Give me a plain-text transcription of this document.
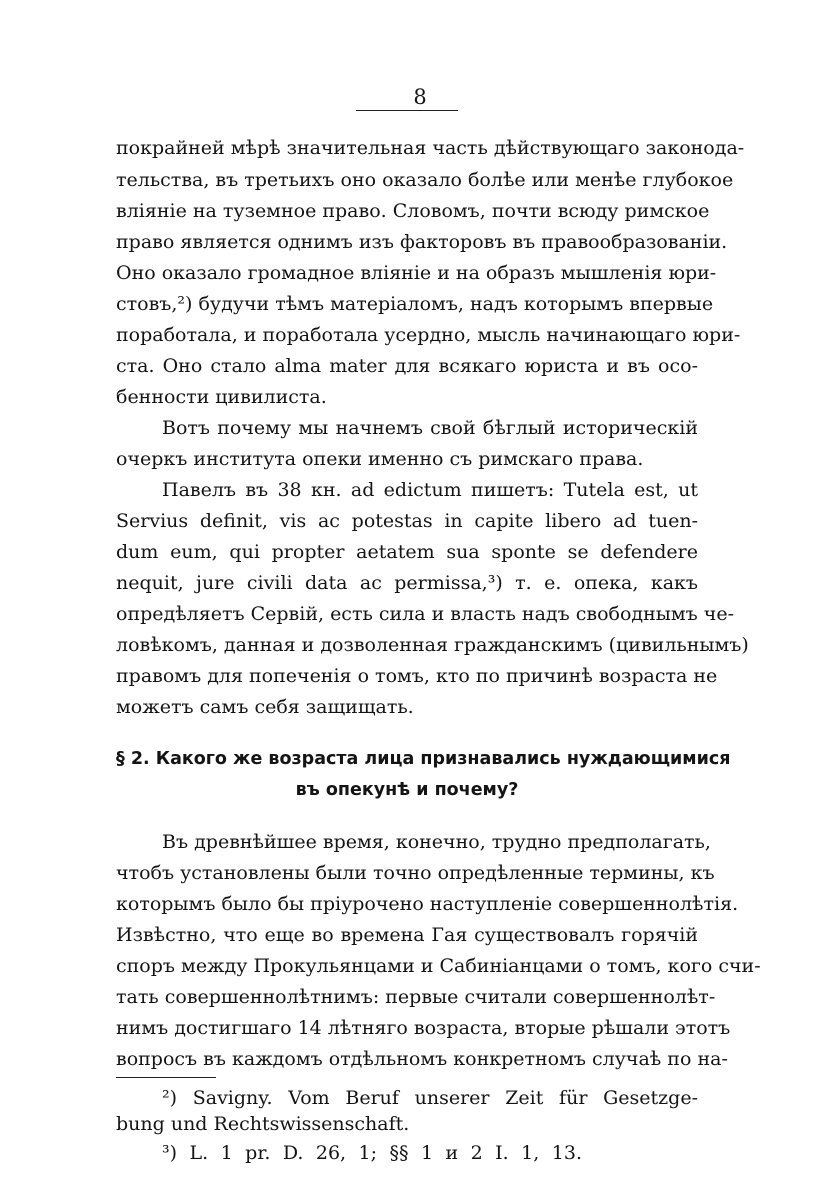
8
покрайней мѣрѣ значительная часть дѣйствующаго законода-
тельства, въ третьихъ оно оказало болѣе или менѣе глубокое
вліяніе на туземное право. Словомъ, почти всюду римское
право является однимъ изъ факторовъ въ правообразованіи.
Оно оказало громадное вліяніе и на образъ мышленія юри-
стовъ,²) будучи тѣмъ матеріаломъ, надъ которымъ впервые
поработала, и поработала усердно, мысль начинающаго юри-
ста. Оно стало alma mater для всякаго юриста и въ осо-
бенности цивилиста.
Вотъ почему мы начнемъ свой бѣглый историческій
очеркъ института опеки именно съ римскаго права.
Павелъ въ 38 кн. ad edictum пишетъ: Tutela est, ut
Servius definit, vis ac potestas in capite libero ad tuen-
dum eum, qui propter aetatem sua sponte se defendere
nequit, jure civili data ac permissa,³) т. е. опека, какъ
опредѣляетъ Сервій, есть сила и власть надъ свободнымъ че-
ловѣкомъ, данная и дозволенная гражданскимъ (цивильнымъ)
правомъ для попеченія о томъ, кто по причинѣ возраста не
можетъ самъ себя защищать.
§ 2. Какого же возраста лица признавались нуждающимися
въ опекунѣ и почему?
Въ древнѣйшее время, конечно, трудно предполагать,
чтобъ установлены были точно опредѣленные термины, къ
которымъ было бы пріурочено наступленіе совершеннолѣтія.
Извѣстно, что еще во времена Гая существовалъ горячій
споръ между Прокульянцами и Сабиніанцами о томъ, кого счи-
тать совершеннолѣтнимъ: первые считали совершеннолѣт-
нимъ достигшаго 14 лѣтняго возраста, вторые рѣшали этотъ
вопросъ въ каждомъ отдѣльномъ конкретномъ случаѣ по на-
²) Savigny. Vom Beruf unserer Zeit für Gesetzge-
bung und Rechtswissenschaft.
³) L. 1 pr. D. 26, 1; §§ 1 и 2 I. 1, 13.
